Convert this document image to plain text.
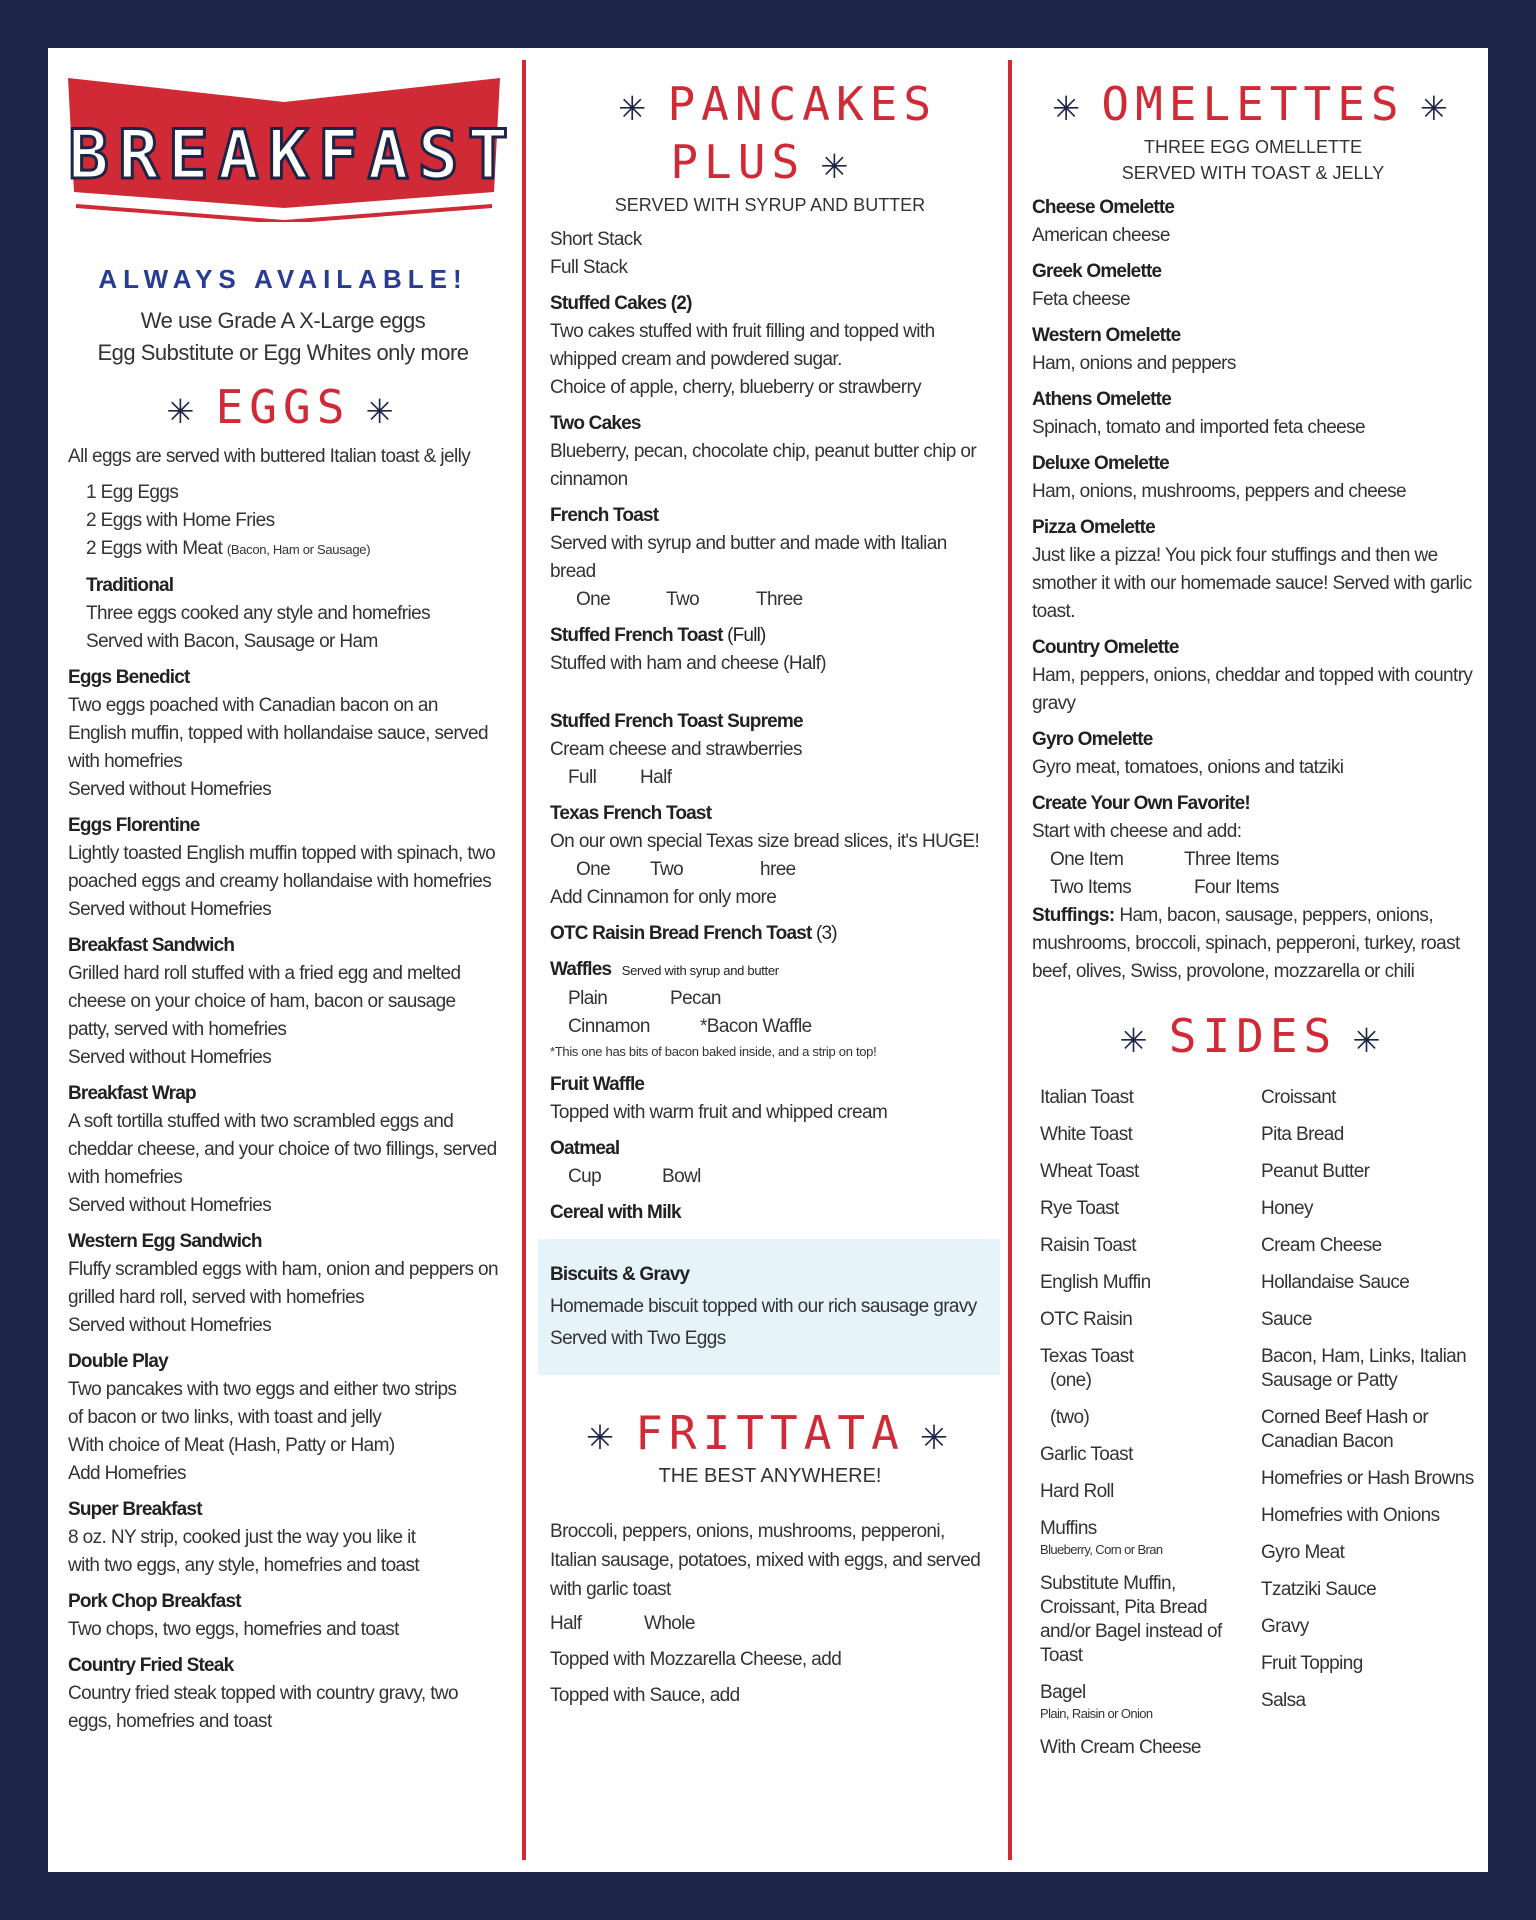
BREAKFAST
ALWAYS AVAILABLE!
We use Grade A X-Large eggs
Egg Substitute or Egg Whites only more
✳ EGGS ✳
All eggs are served with buttered Italian toast & jelly
1 Egg Eggs
2 Eggs with Home Fries
2 Eggs with Meat (Bacon, Ham or Sausage)
Traditional
Three eggs cooked any style and homefries
Served with Bacon, Sausage or Ham
Eggs Benedict
Two eggs poached with Canadian bacon on an English muffin, topped with hollandaise sauce, served with homefries
Served without Homefries
Eggs Florentine
Lightly toasted English muffin topped with spinach, two poached eggs and creamy hollandaise with homefries
Served without Homefries
Breakfast Sandwich
Grilled hard roll stuffed with a fried egg and melted cheese on your choice of ham, bacon or sausage patty, served with homefries
Served without Homefries
Breakfast Wrap
A soft tortilla stuffed with two scrambled eggs and cheddar cheese, and your choice of two fillings, served with homefries
Served without Homefries
Western Egg Sandwich
Fluffy scrambled eggs with ham, onion and peppers on grilled hard roll, served with homefries
Served without Homefries
Double Play
Two pancakes with two eggs and either two strips
of bacon or two links, with toast and jelly
With choice of Meat (Hash, Patty or Ham)
Add Homefries
Super Breakfast
8 oz. NY strip, cooked just the way you like it
with two eggs, any style, homefries and toast
Pork Chop Breakfast
Two chops, two eggs, homefries and toast
Country Fried Steak
Country fried steak topped with country gravy, two eggs, homefries and toast
✳ PANCAKES PLUS ✳
SERVED WITH SYRUP AND BUTTER
Short Stack
Full Stack
Stuffed Cakes (2)
Two cakes stuffed with fruit filling and topped with whipped cream and powdered sugar.
Choice of apple, cherry, blueberry or strawberry
Two Cakes
Blueberry, pecan, chocolate chip, peanut butter chip or cinnamon
French Toast
Served with syrup and butter and made with Italian bread
One	Two	Three
Stuffed French Toast (Full)
Stuffed with ham and cheese (Half)
Stuffed French Toast Supreme
Cream cheese and strawberries
Full Half
Texas French Toast
On our own special Texas size bread slices, it's HUGE!
One Two	hree
Add Cinnamon for only more
OTC Raisin Bread French Toast (3)
Waffles Served with syrup and butter
Plain	Pecan
Cinnamon	*Bacon Waffle
*This one has bits of bacon baked inside, and a strip on top!
Fruit Waffle
Topped with warm fruit and whipped cream
Oatmeal
Cup	Bowl
Cereal with Milk
Biscuits & Gravy
Homemade biscuit topped with our rich sausage gravy
Served with Two Eggs
✳ FRITTATA ✳
THE BEST ANYWHERE!
Broccoli, peppers, onions, mushrooms, pepperoni, Italian sausage, potatoes, mixed with eggs, and served with garlic toast
Half	Whole
Topped with Mozzarella Cheese, add
Topped with Sauce, add
✳ OMELETTES ✳
THREE EGG OMELLETTE
SERVED WITH TOAST & JELLY
Cheese Omelette
American cheese
Greek Omelette
Feta cheese
Western Omelette
Ham, onions and peppers
Athens Omelette
Spinach, tomato and imported feta cheese
Deluxe Omelette
Ham, onions, mushrooms, peppers and cheese
Pizza Omelette
Just like a pizza! You pick four stuffings and then we smother it with our homemade sauce! Served with garlic toast.
Country Omelette
Ham, peppers, onions, cheddar and topped with country gravy
Gyro Omelette
Gyro meat, tomatoes, onions and tatziki
Create Your Own Favorite!
Start with cheese and add:
One Item	Three Items
Two Items	Four Items
Stuffings: Ham, bacon, sausage, peppers, onions, mushrooms, broccoli, spinach, pepperoni, turkey, roast beef, olives, Swiss, provolone, mozzarella or chili
✳ SIDES ✳
Italian Toast
White Toast
Wheat Toast
Rye Toast
Raisin Toast
English Muffin
OTC Raisin
Texas Toast
(one)
(two)
Garlic Toast
Hard Roll
Muffins
Blueberry, Corn or Bran
Substitute Muffin, Croissant, Pita Bread and/or Bagel instead of Toast
Bagel
Plain, Raisin or Onion
With Cream Cheese
Croissant
Pita Bread
Peanut Butter
Honey
Cream Cheese
Hollandaise Sauce
Sauce
Bacon, Ham, Links, Italian Sausage or Patty
Corned Beef Hash or Canadian Bacon
Homefries or Hash Browns
Homefries with Onions
Gyro Meat
Tzatziki Sauce
Gravy
Fruit Topping
Salsa
